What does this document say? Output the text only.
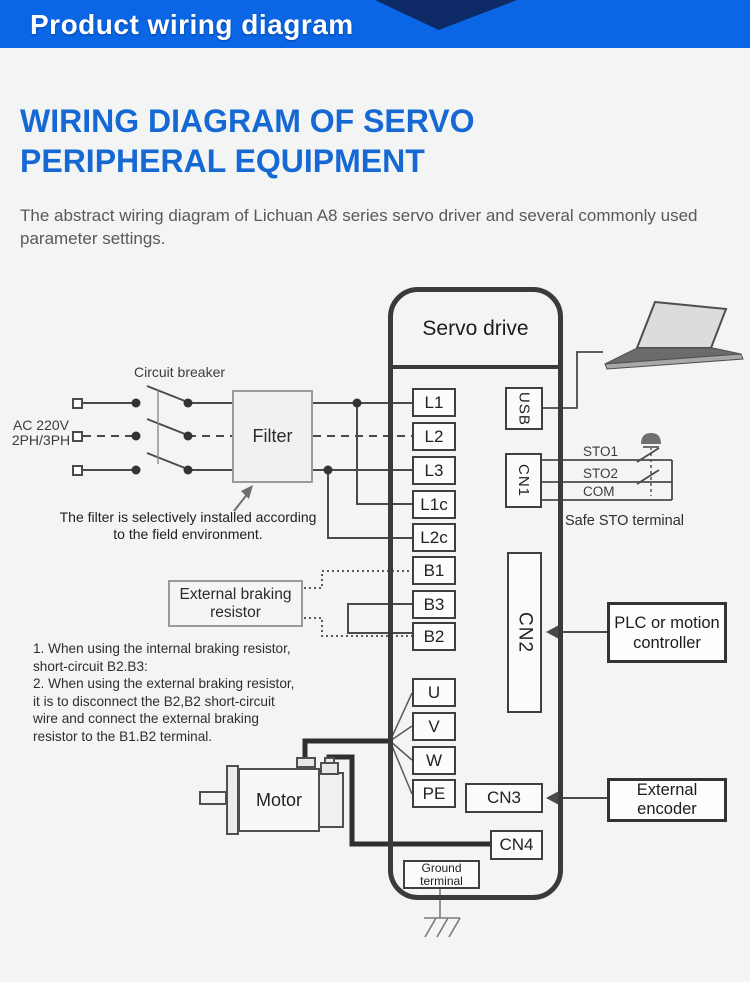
Product wiring diagram
WIRING DIAGRAM OF SERVO
PERIPHERAL EQUIPMENT
The abstract wiring diagram of Lichuan A8 series servo driver and several commonly used parameter settings.
AC 220V
2PH/3PH
Circuit breaker
Filter
The filter is selectively installed according
to the field environment.
External braking
resistor
1. When using the internal braking resistor,
short-circuit B2.B3:
2. When using the external braking resistor,
it is to disconnect the B2,B2 short-circuit
wire and connect the external braking
resistor to the B1.B2 terminal.
Motor
Servo drive
L1
L2
L3
L1c
L2c
B1
B3
B2
U
V
W
PE
USB
CN1
CN2
CN3
CN4
Ground
terminal
STO1
STO2
COM
Safe STO terminal
PLC or motion
controller
External
encoder
